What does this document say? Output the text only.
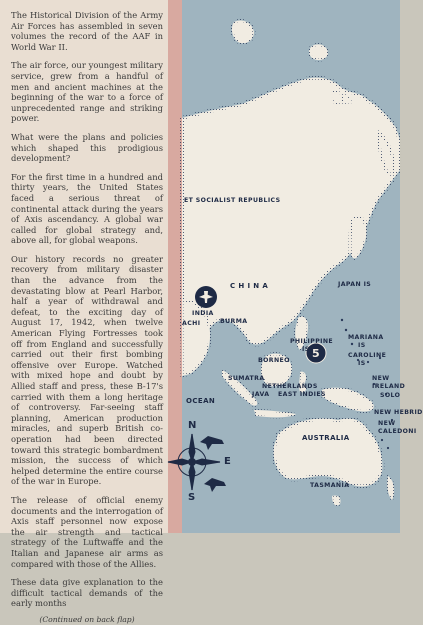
The Historical Division of the Army Air Forces has assembled in seven volumes the record of the AAF in World War II.

The air force, our youngest military service, grew from a handful of men and ancient machines at the beginning of the war to a force of unprecedented range and striking power.

What were the plans and policies which shaped this prodigious development?

For the first time in a hundred and thirty years, the United States faced a serious threat of continental attack during the years of Axis ascendancy. A global war called for global strategy and, above all, for global weapons.

Our history records no greater recovery from military disaster than the advance from the devastating blow at Pearl Harbor, half a year of withdrawal and defeat, to the exciting day of August 17, 1942, when twelve American Flying Fortresses took off from England and successfully carried out their first bombing offensive over Europe. Watched with mixed hope and doubt by Allied staff and press, these B-17's carried with them a long heritage of controversy. Far-seeing staff planning, American production miracles, and superb British co-operation had been directed toward this strategic bombardment mission, the success of which helped determine the entire course of the war in Europe.

The release of official enemy documents and the interrogation of Axis staff personnel now expose the air strength and tactical strategy of the Luftwaffe and the Italian and Japanese air arms as compared with those of the Allies.

These data give explanation to the difficult tactical demands of the early months

(Continued on back flap)

ET SOCIALIST REPUBLICS
C H I N A	JAPAN IS
INDIA
ACHI	BURMA
PHILIPPINE
IS
MARIANA
IS
CAROLINE
IS
BORNEO
SUMATRA
NETHERLANDS
JAVA EAST INDIES
OCEAN
NEW
IRELAND
SOLO
NEW HEBRID
NEW
CALEDONI
AUSTRALIA
TASMANIA
5
N
E
S
